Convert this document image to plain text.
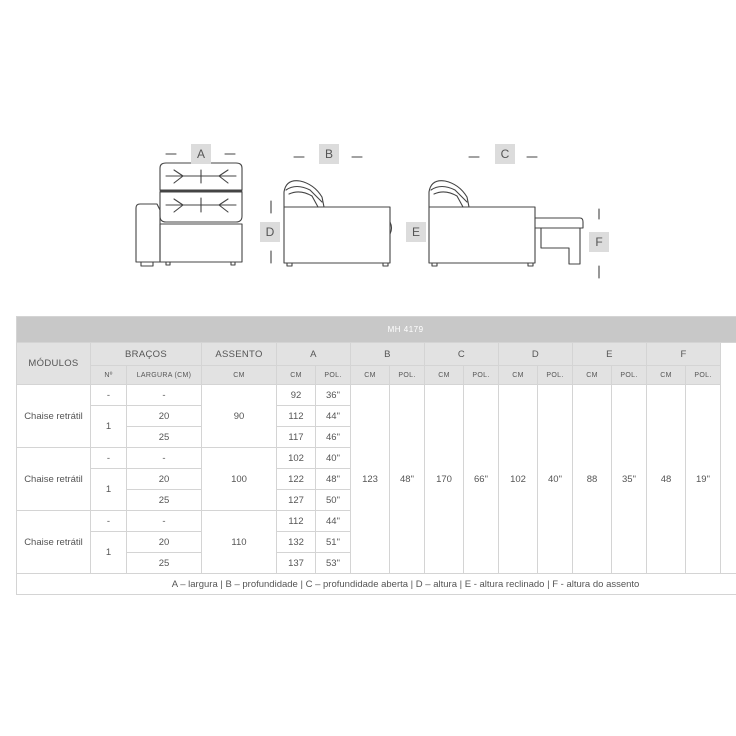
A	B	C
D	E
F
MH 4179															
MÓDULOS	BRAÇOS		ASSENTO	A		B		C		D		E		F	
	Nº	LARGURA (CM)	CM	CM	POL.	CM	POL.	CM	POL.	CM	POL.	CM	POL.	CM	POL.
Chaise retrátil	-	-	90	92	36"	123	48"	170	66"	102	40"	88	35"	48	19"
	1	20		112	44"										
		25		117	46"										
Chaise retrátil	-	-	100	102	40"										
	1	20		122	48"										
		25		127	50"										
Chaise retrátil	-	-	110	112	44"										
	1	20		132	51"										
		25		137	53"										
A – largura | B – profundidade | C – profundidade aberta | D – altura | E - altura reclinado | F - altura do assento															
